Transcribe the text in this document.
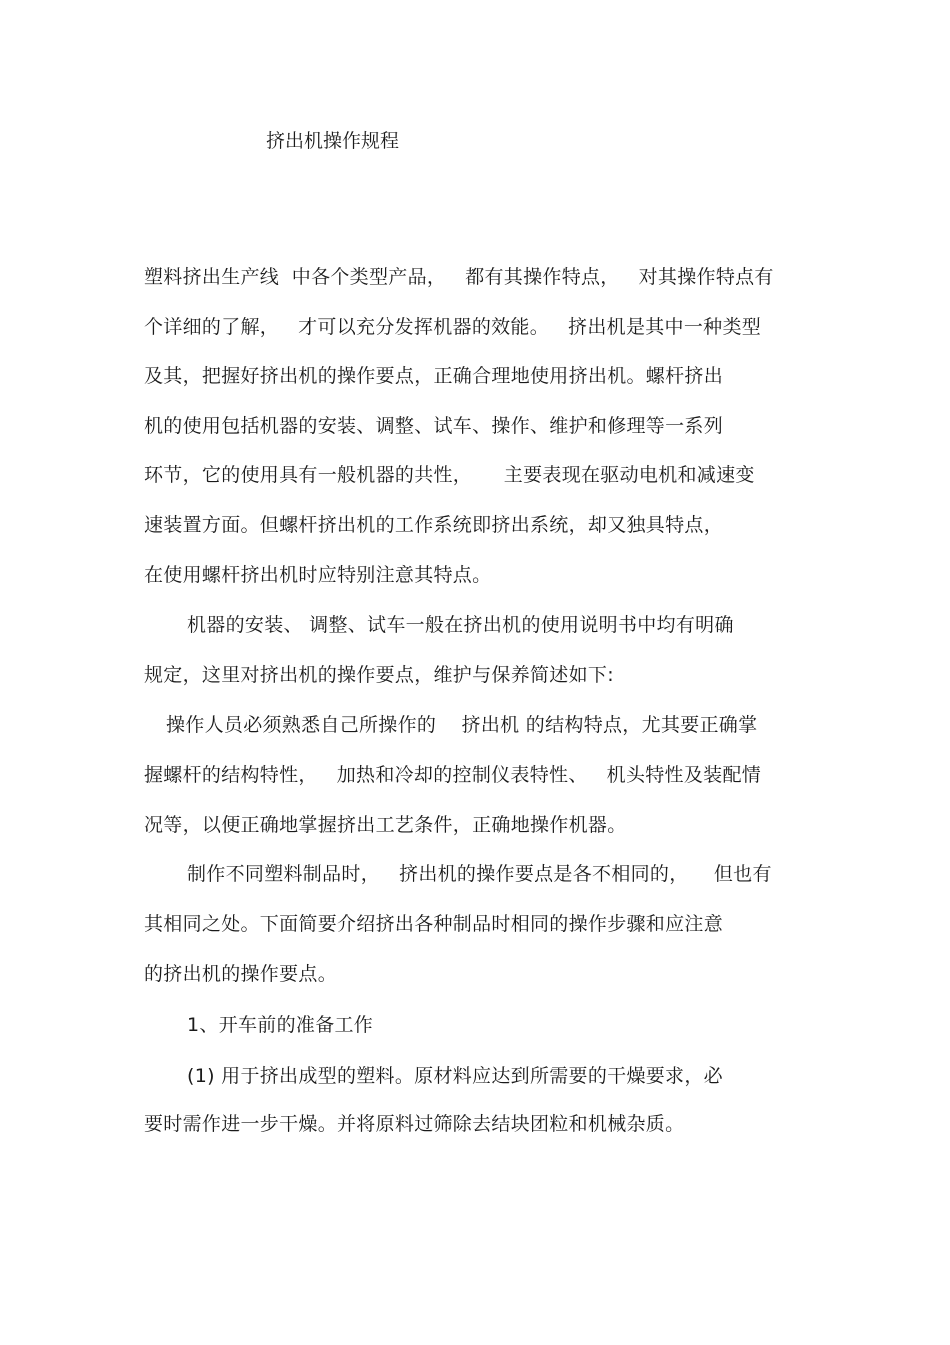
挤出机操作规程
塑料挤出生产线  中各个类型产品，   都有其操作特点，   对其操作特点有
个详细的了解，   才可以充分发挥机器的效能。   挤出机是其中一种类型
及其，把握好挤出机的操作要点，正确合理地使用挤出机。螺杆挤出
机的使用包括机器的安装、调整、试车、操作、维护和修理等一系列
环节，它的使用具有一般机器的共性，     主要表现在驱动电机和减速变
速装置方面。但螺杆挤出机的工作系统即挤出系统，却又独具特点，
在使用螺杆挤出机时应特别注意其特点。
机器的安装、 调整、试车一般在挤出机的使用说明书中均有明确
规定，这里对挤出机的操作要点，维护与保养简述如下:
操作人员必须熟悉自己所操作的    挤出机 的结构特点，尤其要正确掌
握螺杆的结构特性，   加热和冷却的控制仪表特性、   机头特性及装配情
况等，以便正确地掌握挤出工艺条件，正确地操作机器。
制作不同塑料制品时，   挤出机的操作要点是各不相同的，    但也有
其相同之处。下面简要介绍挤出各种制品时相同的操作步骤和应注意
的挤出机的操作要点。
1、开车前的准备工作
(1) 用于挤出成型的塑料。原材料应达到所需要的干燥要求，必
要时需作进一步干燥。并将原料过筛除去结块团粒和机械杂质。
